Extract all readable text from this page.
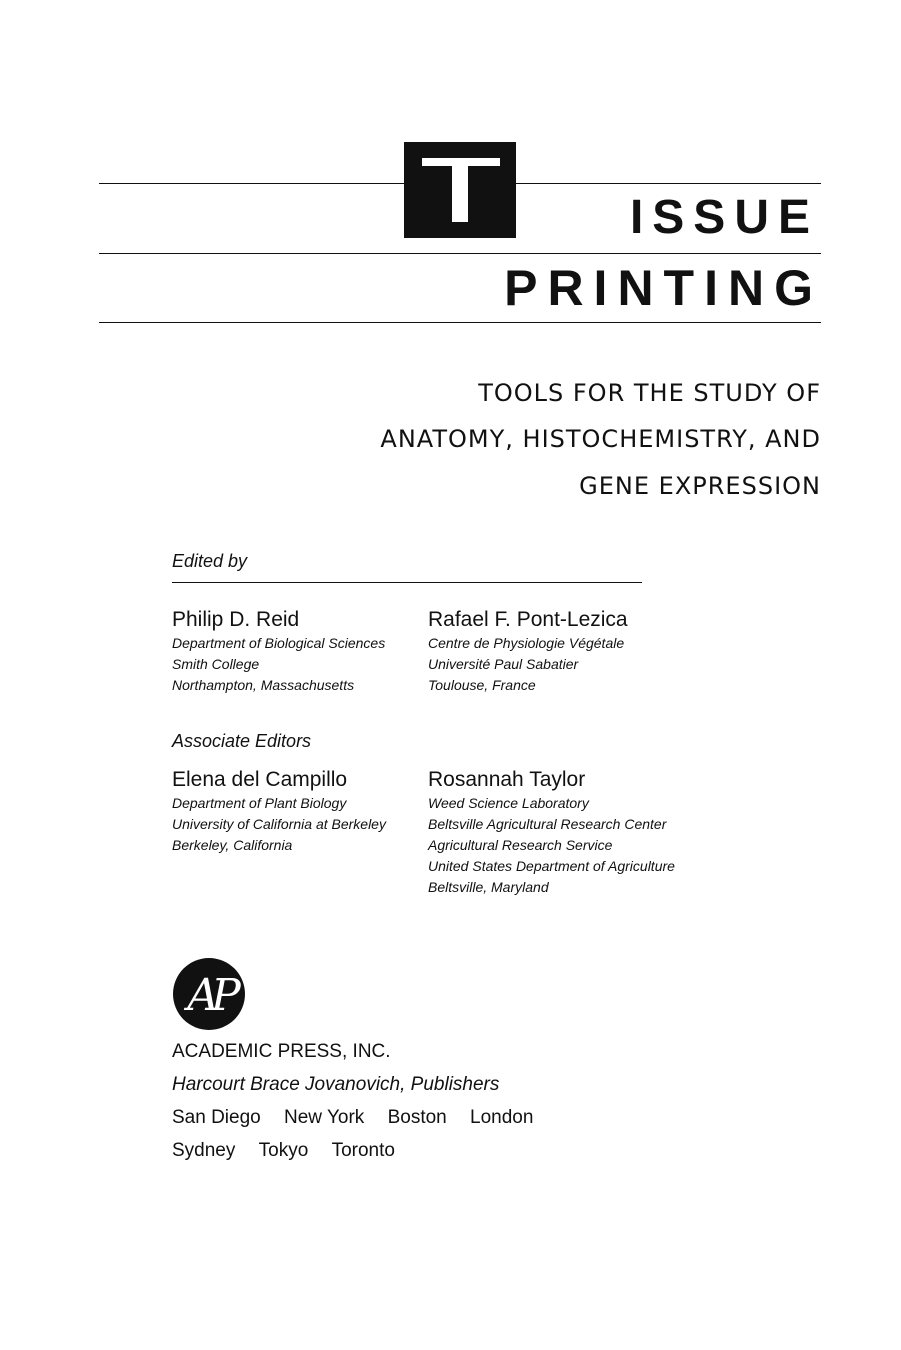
ISSUE
PRINTING
TOOLS FOR THE STUDY OF
ANATOMY, HISTOCHEMISTRY, AND
GENE EXPRESSION
Edited by
Philip D. Reid
Department of Biological Sciences
Smith College
Northampton, Massachusetts
Rafael F. Pont-Lezica
Centre de Physiologie Végétale
Université Paul Sabatier
Toulouse, France
Associate Editors
Elena del Campillo
Department of Plant Biology
University of California at Berkeley
Berkeley, California
Rosannah Taylor
Weed Science Laboratory
Beltsville Agricultural Research Center
Agricultural Research Service
United States Department of Agriculture
Beltsville, Maryland
AP
ACADEMIC PRESS, INC.
Harcourt Brace Jovanovich, Publishers
San Diego New York Boston London
Sydney Tokyo Toronto
